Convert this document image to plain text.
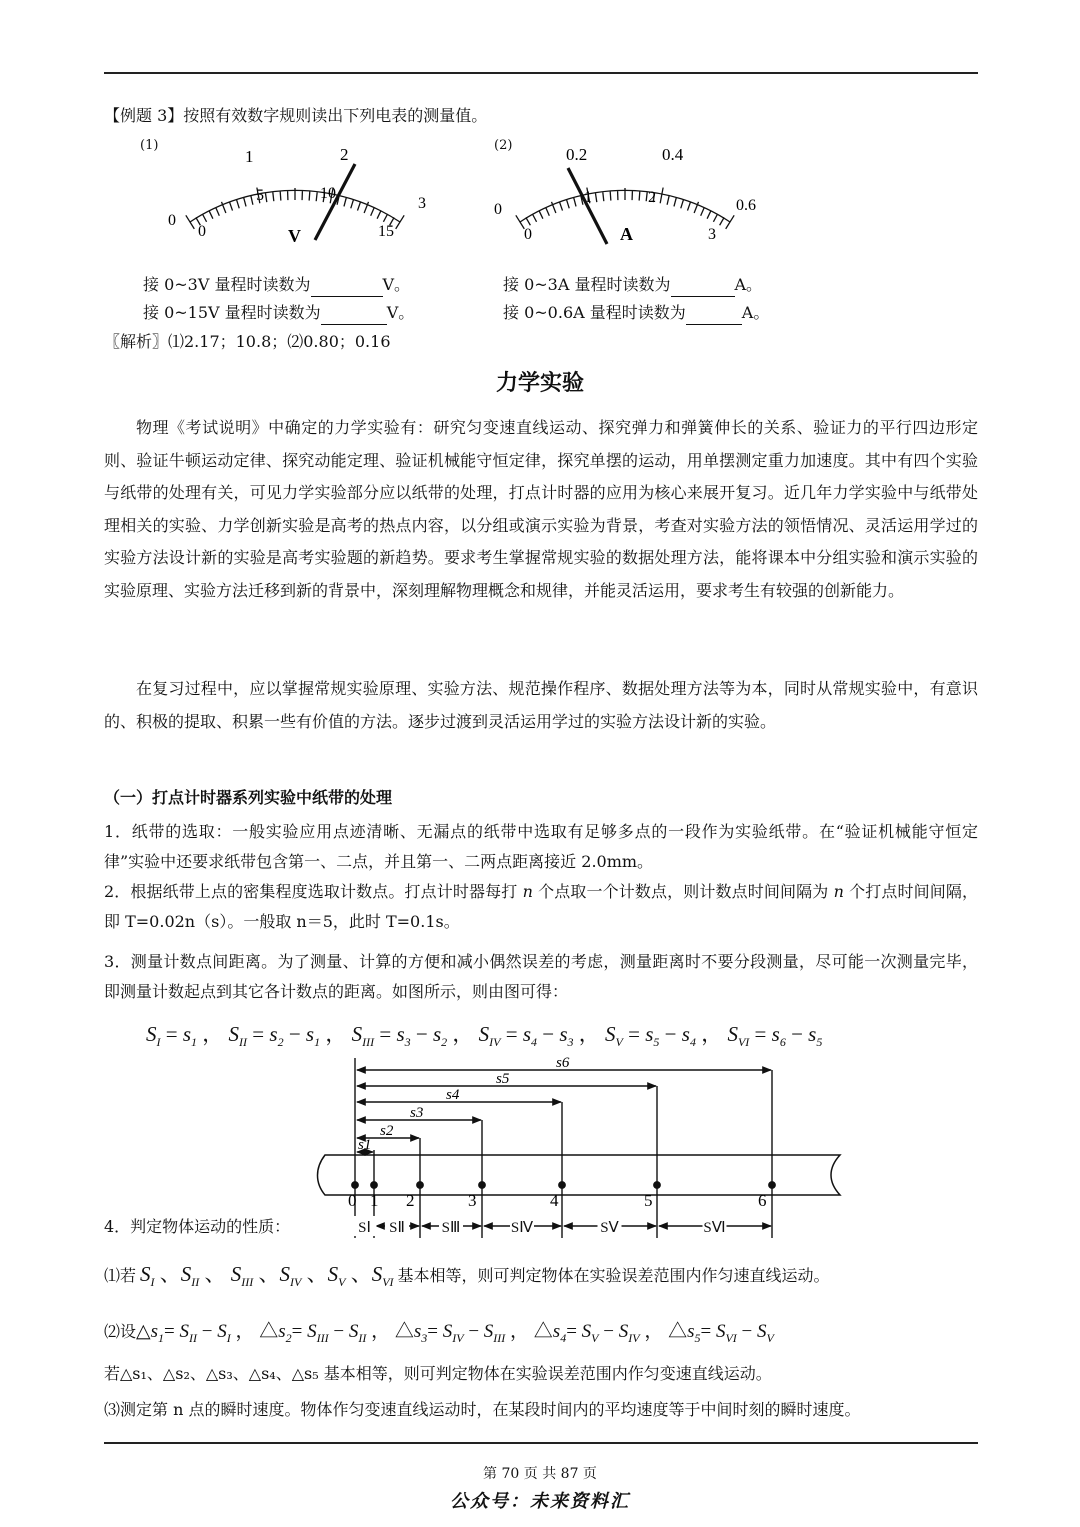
【例题 3】按照有效数字规则读出下列电表的测量值。
(1)
0
1	2
3
0
5	10
15
V
(2)
0
0.2	0.4
0.6
0
1	2
3
A
接 0~3V 量程时读数为	V。
接 0~15V 量程时读数为	V。
接 0~3A 量程时读数为	A。
接 0~0.6A 量程时读数为	A。
〖解析〗⑴2.17；10.8；⑵0.80；0.16
力学实验

物理《考试说明》中确定的力学实验有：研究匀变速直线运动、探究弹力和弹簧伸长的关系、验证力的平行四边形定则、验证牛顿运动定律、探究动能定理、验证机械能守恒定律，探究单摆的运动，用单摆测定重力加速度。其中有四个实验与纸带的处理有关，可见力学实验部分应以纸带的处理，打点计时器的应用为核心来展开复习。近几年力学实验中与纸带处理相关的实验、力学创新实验是高考的热点内容，以分组或演示实验为背景，考查对实验方法的领悟情况、灵活运用学过的实验方法设计新的实验是高考实验题的新趋势。要求考生掌握常规实验的数据处理方法，能将课本中分组实验和演示实验的实验原理、实验方法迁移到新的背景中，深刻理解物理概念和规律，并能灵活运用，要求考生有较强的创新能力。

在复习过程中，应以掌握常规实验原理、实验方法、规范操作程序、数据处理方法等为本，同时从常规实验中，有意识的、积极的提取、积累一些有价值的方法。逐步过渡到灵活运用学过的实验方法设计新的实验。

（一）打点计时器系列实验中纸带的处理

1．纸带的选取：一般实验应用点迹清晰、无漏点的纸带中选取有足够多点的一段作为实验纸带。在“验证机械能守恒定律”实验中还要求纸带包含第一、二点，并且第一、二两点距离接近 2.0mm。

2．根据纸带上点的密集程度选取计数点。打点计时器每打 n 个点取一个计数点，则计数点时间间隔为 n 个打点时间间隔，即 T=0.02n（s）。一般取 n＝5，此时 T=0.1s。

3．测量计数点间距离。为了测量、计算的方便和减小偶然误差的考虑，测量距离时不要分段测量，尽可能一次测量完毕，即测量计数起点到其它各计数点的距离。如图所示，则由图可得：

$S_I = s_1$ ， $S_{II} = s_2 - s_1$ ， $S_{III} = s_3 - s_2$ ， $S_{IV} = s_4 - s_3$ ， $S_V = s_5 - s_4$ ， $S_{VI} = s_6 - s_5$
s1
s2
s3
s4
s5
s6
0 1 2	3	4	5	6
SⅠ SⅡ SⅢ	SⅣ	SⅤ	SⅥ
4．判定物体运动的性质：
⑴若 $S_I$ 、$S_{II}$ 、 $S_{III}$ 、$S_{IV}$ 、$S_V$ 、$S_{VI}$ 基本相等，则可判定物体在实验误差范围内作匀速直线运动。
⑵设$\triangle s_1= S_{II} - S_I$ ， $\triangle s_2= S_{III} - S_{II}$ ， $\triangle s_3= S_{IV} - S_{III}$ ， $\triangle s_4= S_V - S_{IV}$ ， $\triangle s_5= S_{VI} - S_V$
若△s₁、△s₂、△s₃、△s₄、△s₅ 基本相等，则可判定物体在实验误差范围内作匀变速直线运动。
⑶测定第 n 点的瞬时速度。物体作匀变速直线运动时，在某段时间内的平均速度等于中间时刻的瞬时速度。
第 70 页 共 87 页
公众号：未来资料汇
